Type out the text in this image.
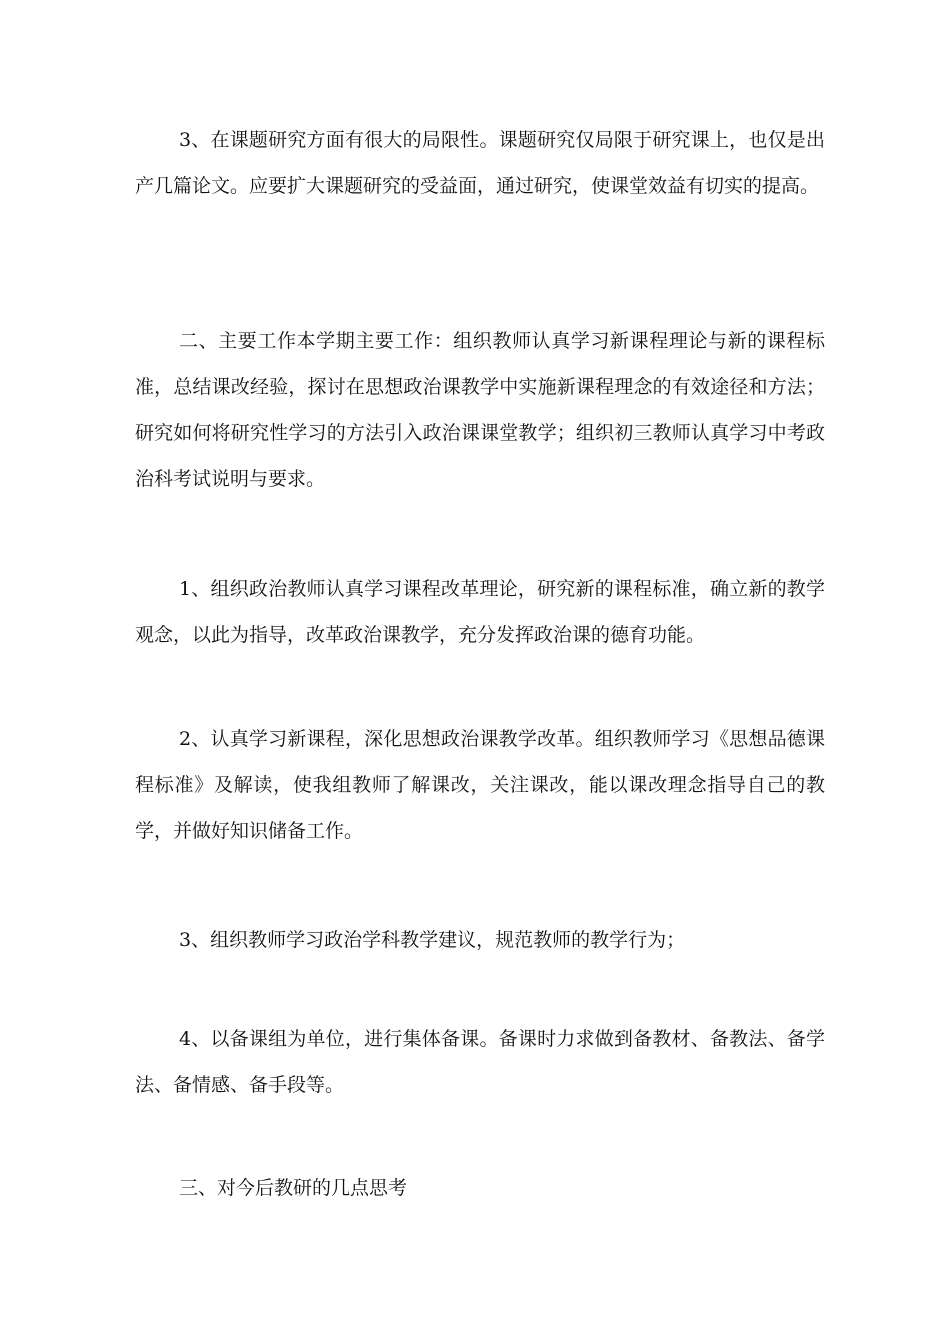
3、在课题研究方面有很大的局限性。课题研究仅局限于研究课上，也仅是出产几篇论文。应要扩大课题研究的受益面，通过研究，使课堂效益有切实的提高。

二、主要工作本学期主要工作：组织教师认真学习新课程理论与新的课程标准，总结课改经验，探讨在思想政治课教学中实施新课程理念的有效途径和方法；研究如何将研究性学习的方法引入政治课课堂教学；组织初三教师认真学习中考政治科考试说明与要求。

1、组织政治教师认真学习课程改革理论，研究新的课程标准，确立新的教学观念，以此为指导，改革政治课教学，充分发挥政治课的德育功能。

2、认真学习新课程，深化思想政治课教学改革。组织教师学习《思想品德课程标准》及解读，使我组教师了解课改，关注课改，能以课改理念指导自己的教学，并做好知识储备工作。

3、组织教师学习政治学科教学建议，规范教师的教学行为；

4、以备课组为单位，进行集体备课。备课时力求做到备教材、备教法、备学法、备情感、备手段等。

三、对今后教研的几点思考
